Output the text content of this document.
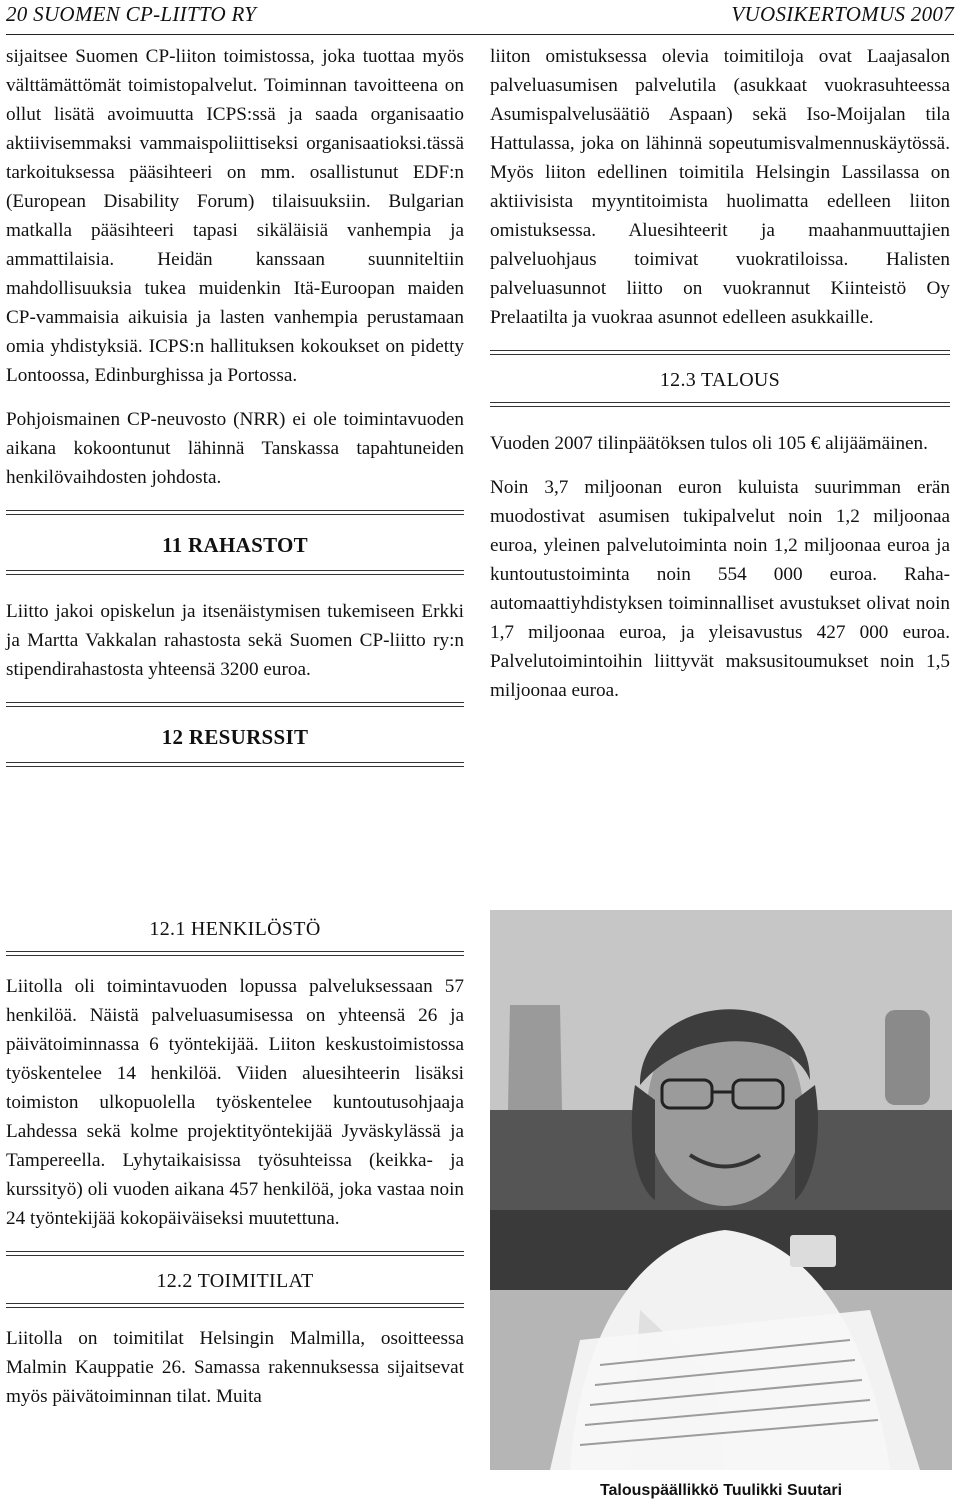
20 SUOMEN CP-LIITTO RY	VUOSIKERTOMUS 2007

sijaitsee Suomen CP-liiton toimistossa, joka tuottaa myös välttämättömät toimistopalvelut. Toiminnan tavoitteena on ollut lisätä avoimuutta ICPS:ssä ja saada organisaatio aktiivisemmaksi vammaispoliittiseksi organisaatioksi.tässä tarkoituksessa pääsihteeri on mm. osallistunut EDF:n (European Disability Forum) tilaisuuksiin. Bulgarian matkalla pääsihteeri tapasi sikäläisiä vanhempia ja ammattilaisia. Heidän kanssaan suunniteltiin mahdollisuuksia tukea muidenkin Itä-Euroopan maiden CP-vammaisia aikuisia ja lasten vanhempia perustamaan omia yhdistyksiä. ICPS:n hallituksen kokoukset on pidetty Lontoossa, Edinburghissa ja Portossa.

Pohjoismainen CP-neuvosto (NRR) ei ole toimintavuoden aikana kokoontunut lähinnä Tanskassa tapahtuneiden henkilövaihdosten johdosta.

11 RAHASTOT

Liitto jakoi opiskelun ja itsenäistymisen tukemiseen Erkki ja Martta Vakkalan rahastosta sekä Suomen CP-liitto ry:n stipendirahastosta yhteensä 3200 euroa.

12 RESURSSIT

liiton omistuksessa olevia toimitiloja ovat Laajasalon palveluasumisen palvelutila (asukkaat vuokrasuhteessa Asumispalvelusäätiö Aspaan) sekä Iso-Moijalan tila Hattulassa, joka on lähinnä sopeutumisvalmennuskäytössä. Myös liiton edellinen toimitila Helsingin Lassilassa on aktiivisista myyntitoimista huolimatta edelleen liiton omistuksessa. Aluesihteerit ja maahanmuuttajien palveluohjaus toimivat vuokratiloissa. Halisten palveluasunnot liitto on vuokrannut Kiinteistö Oy Prelaatilta ja vuokraa asunnot edelleen asukkaille.

12.3 TALOUS

Vuoden 2007 tilinpäätöksen tulos oli 105 € alijäämäinen.

Noin 3,7 miljoonan euron kuluista suurimman erän muodostivat asumisen tukipalvelut noin 1,2 miljoonaa euroa, yleinen palvelutoiminta noin 1,2 miljoonaa euroa ja kuntoutustoiminta noin 554 000 euroa. Raha-automaattiyhdistyksen toiminnalliset avustukset olivat noin 1,7 miljoonaa euroa, ja yleisavustus 427 000 euroa. Palvelutoimintoihin liittyvät maksusitoumukset noin 1,5 miljoonaa euroa.

12.1 HENKILÖSTÖ

Liitolla oli toimintavuoden lopussa palveluksessaan 57 henkilöä. Näistä palveluasumisessa on yhteensä 26 ja päivätoiminnassa 6 työntekijää. Liiton keskustoimistossa työskentelee 14 henkilöä. Viiden aluesihteerin lisäksi toimiston ulkopuolella työskentelee kuntoutusohjaaja Lahdessa sekä kolme projektityöntekijää Jyväskylässä ja Tampereella. Lyhytaikaisissa työsuhteissa (keikka- ja kurssityö) oli vuoden aikana 457 henkilöä, joka vastaa noin 24 työntekijää kokopäiväiseksi muutettuna.

12.2 TOIMITILAT

Liitolla on toimitilat Helsingin Malmilla, osoitteessa Malmin Kauppatie 26. Samassa rakennuksessa sijaitsevat myös päivätoiminnan tilat. Muita

Talouspäällikkö Tuulikki Suutari
